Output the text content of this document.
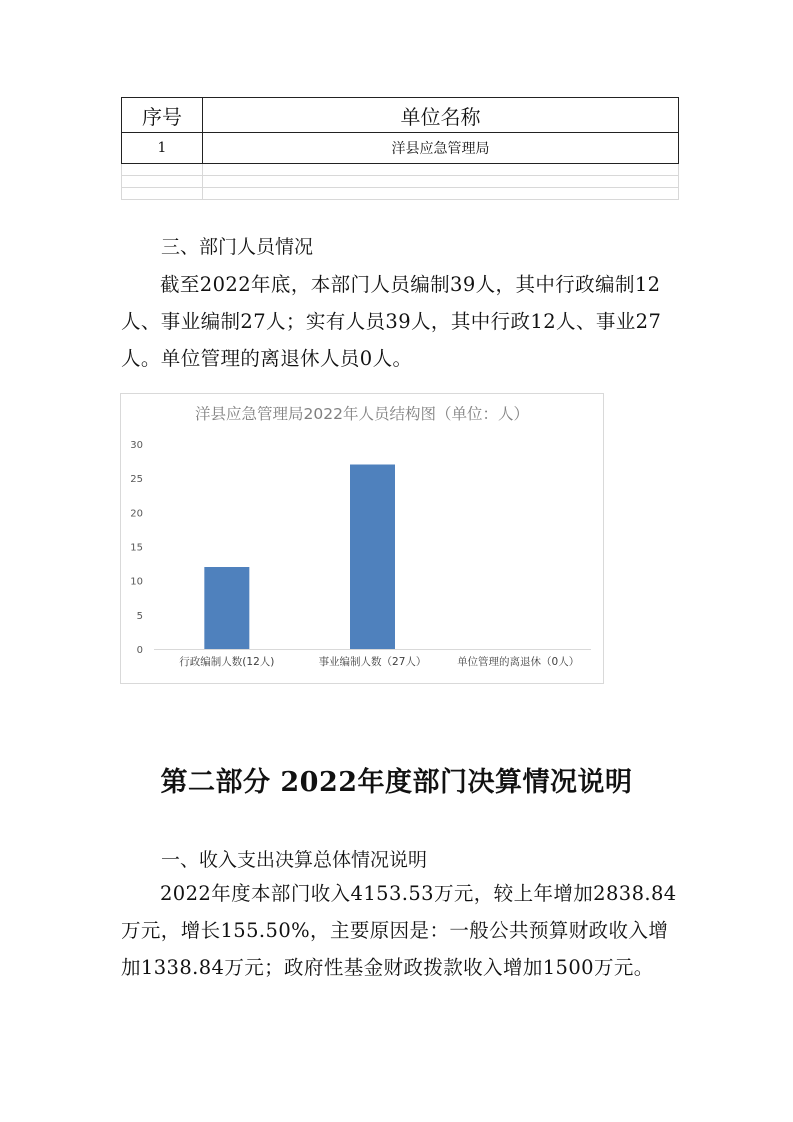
序号	单位名称
1	洋县应急管理局

三、部门人员情况
截至2022年底，本部门人员编制39人，其中行政编制12人、事业编制27人；实有人员39人，其中行政12人、事业27人。单位管理的离退休人员0人。
洋县应急管理局2022年人员结构图（单位：人）
0
5
10
15
20
25
30
行政编制人数(12人)	事业编制人数（27人）	单位管理的离退休（0人）
第二部分 2022年度部门决算情况说明
一、收入支出决算总体情况说明
2022年度本部门收入4153.53万元，较上年增加2838.84万元，增长155.50%，主要原因是：一般公共预算财政收入增加1338.84万元；政府性基金财政拨款收入增加1500万元。
